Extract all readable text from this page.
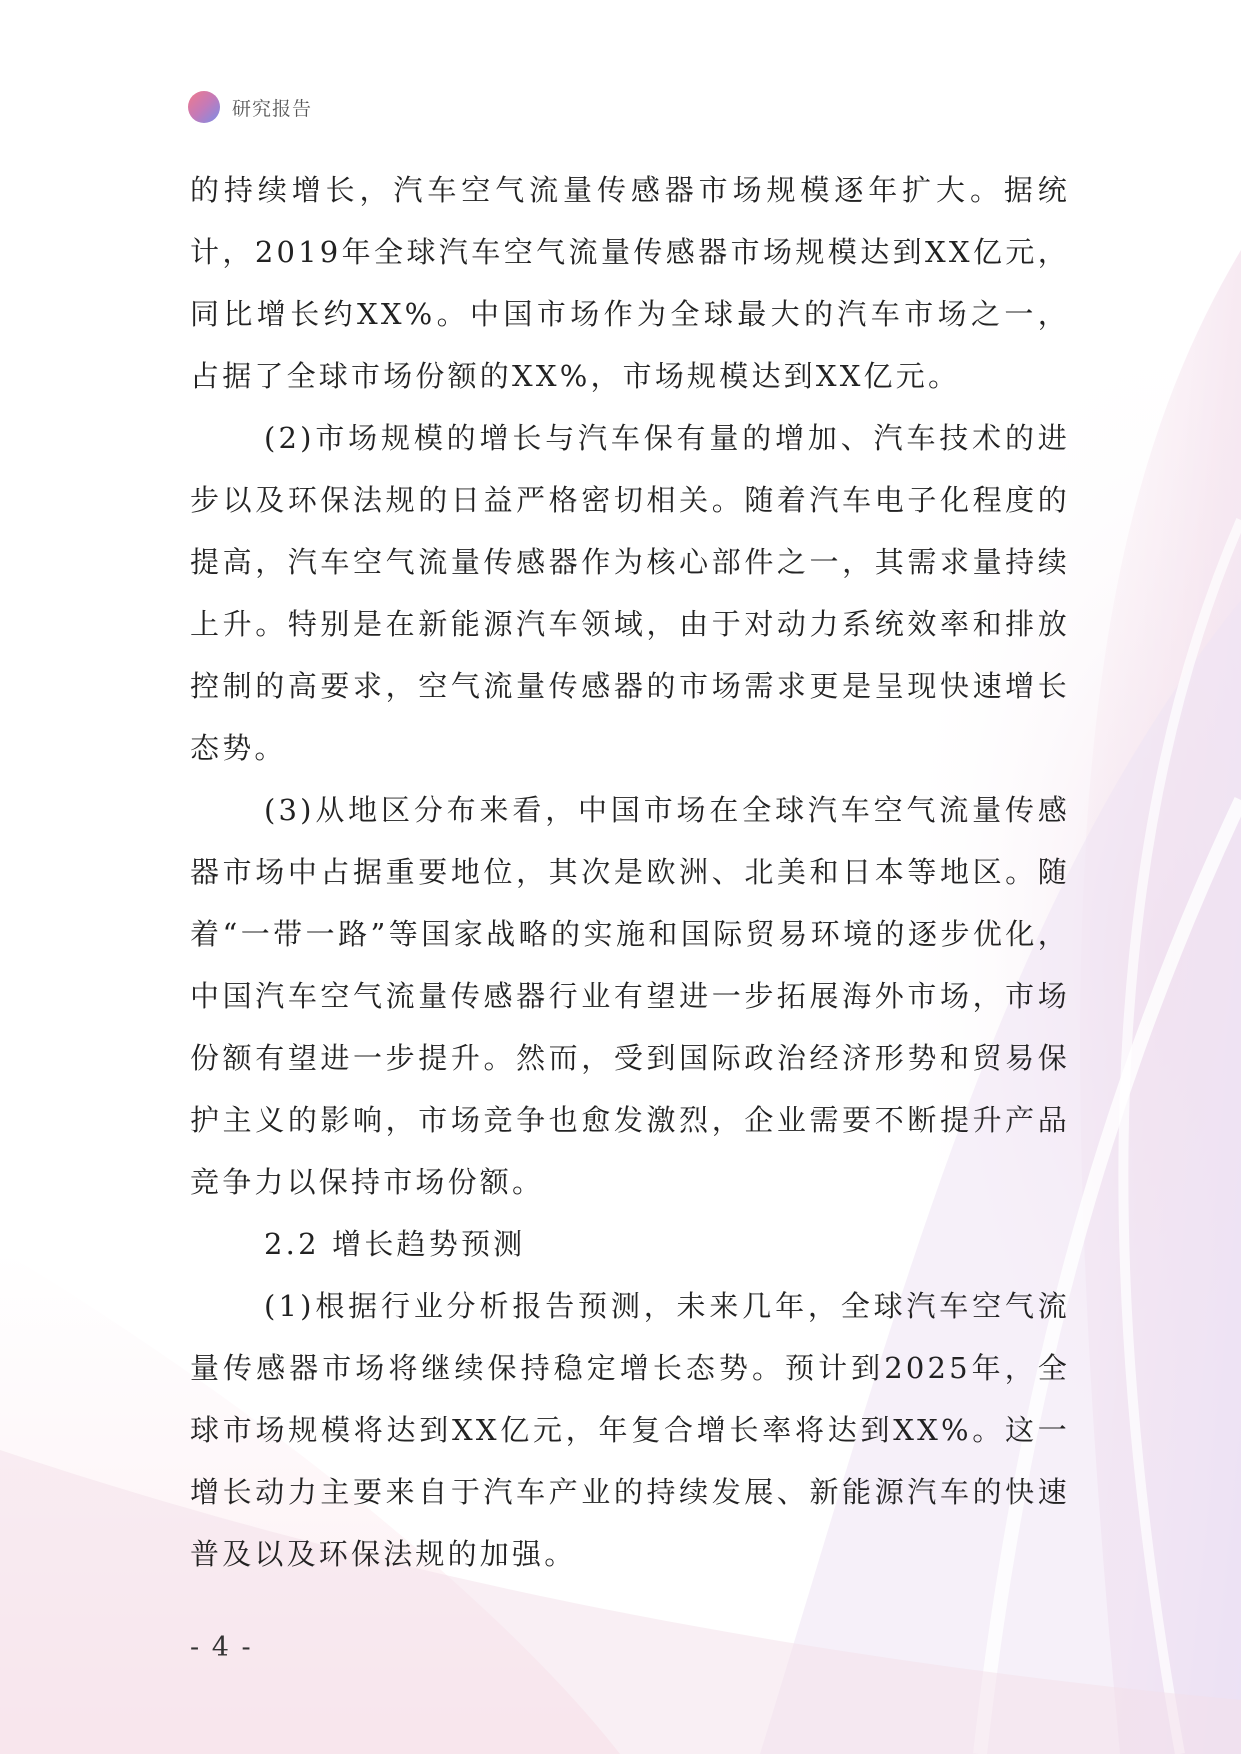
研究报告

的持续增长，汽车空气流量传感器市场规模逐年扩大。据统计，2019年全球汽车空气流量传感器市场规模达到XX亿元，同比增长约XX%。中国市场作为全球最大的汽车市场之一，占据了全球市场份额的XX%，市场规模达到XX亿元。

(2)市场规模的增长与汽车保有量的增加、汽车技术的进步以及环保法规的日益严格密切相关。随着汽车电子化程度的提高，汽车空气流量传感器作为核心部件之一，其需求量持续上升。特别是在新能源汽车领域，由于对动力系统效率和排放控制的高要求，空气流量传感器的市场需求更是呈现快速增长态势。

(3)从地区分布来看，中国市场在全球汽车空气流量传感器市场中占据重要地位，其次是欧洲、北美和日本等地区。随着“一带一路”等国家战略的实施和国际贸易环境的逐步优化，中国汽车空气流量传感器行业有望进一步拓展海外市场，市场份额有望进一步提升。然而，受到国际政治经济形势和贸易保护主义的影响，市场竞争也愈发激烈，企业需要不断提升产品竞争力以保持市场份额。

2.2 增长趋势预测

(1)根据行业分析报告预测，未来几年，全球汽车空气流量传感器市场将继续保持稳定增长态势。预计到2025年，全球市场规模将达到XX亿元，年复合增长率将达到XX%。这一增长动力主要来自于汽车产业的持续发展、新能源汽车的快速普及以及环保法规的加强。

- 4 -
